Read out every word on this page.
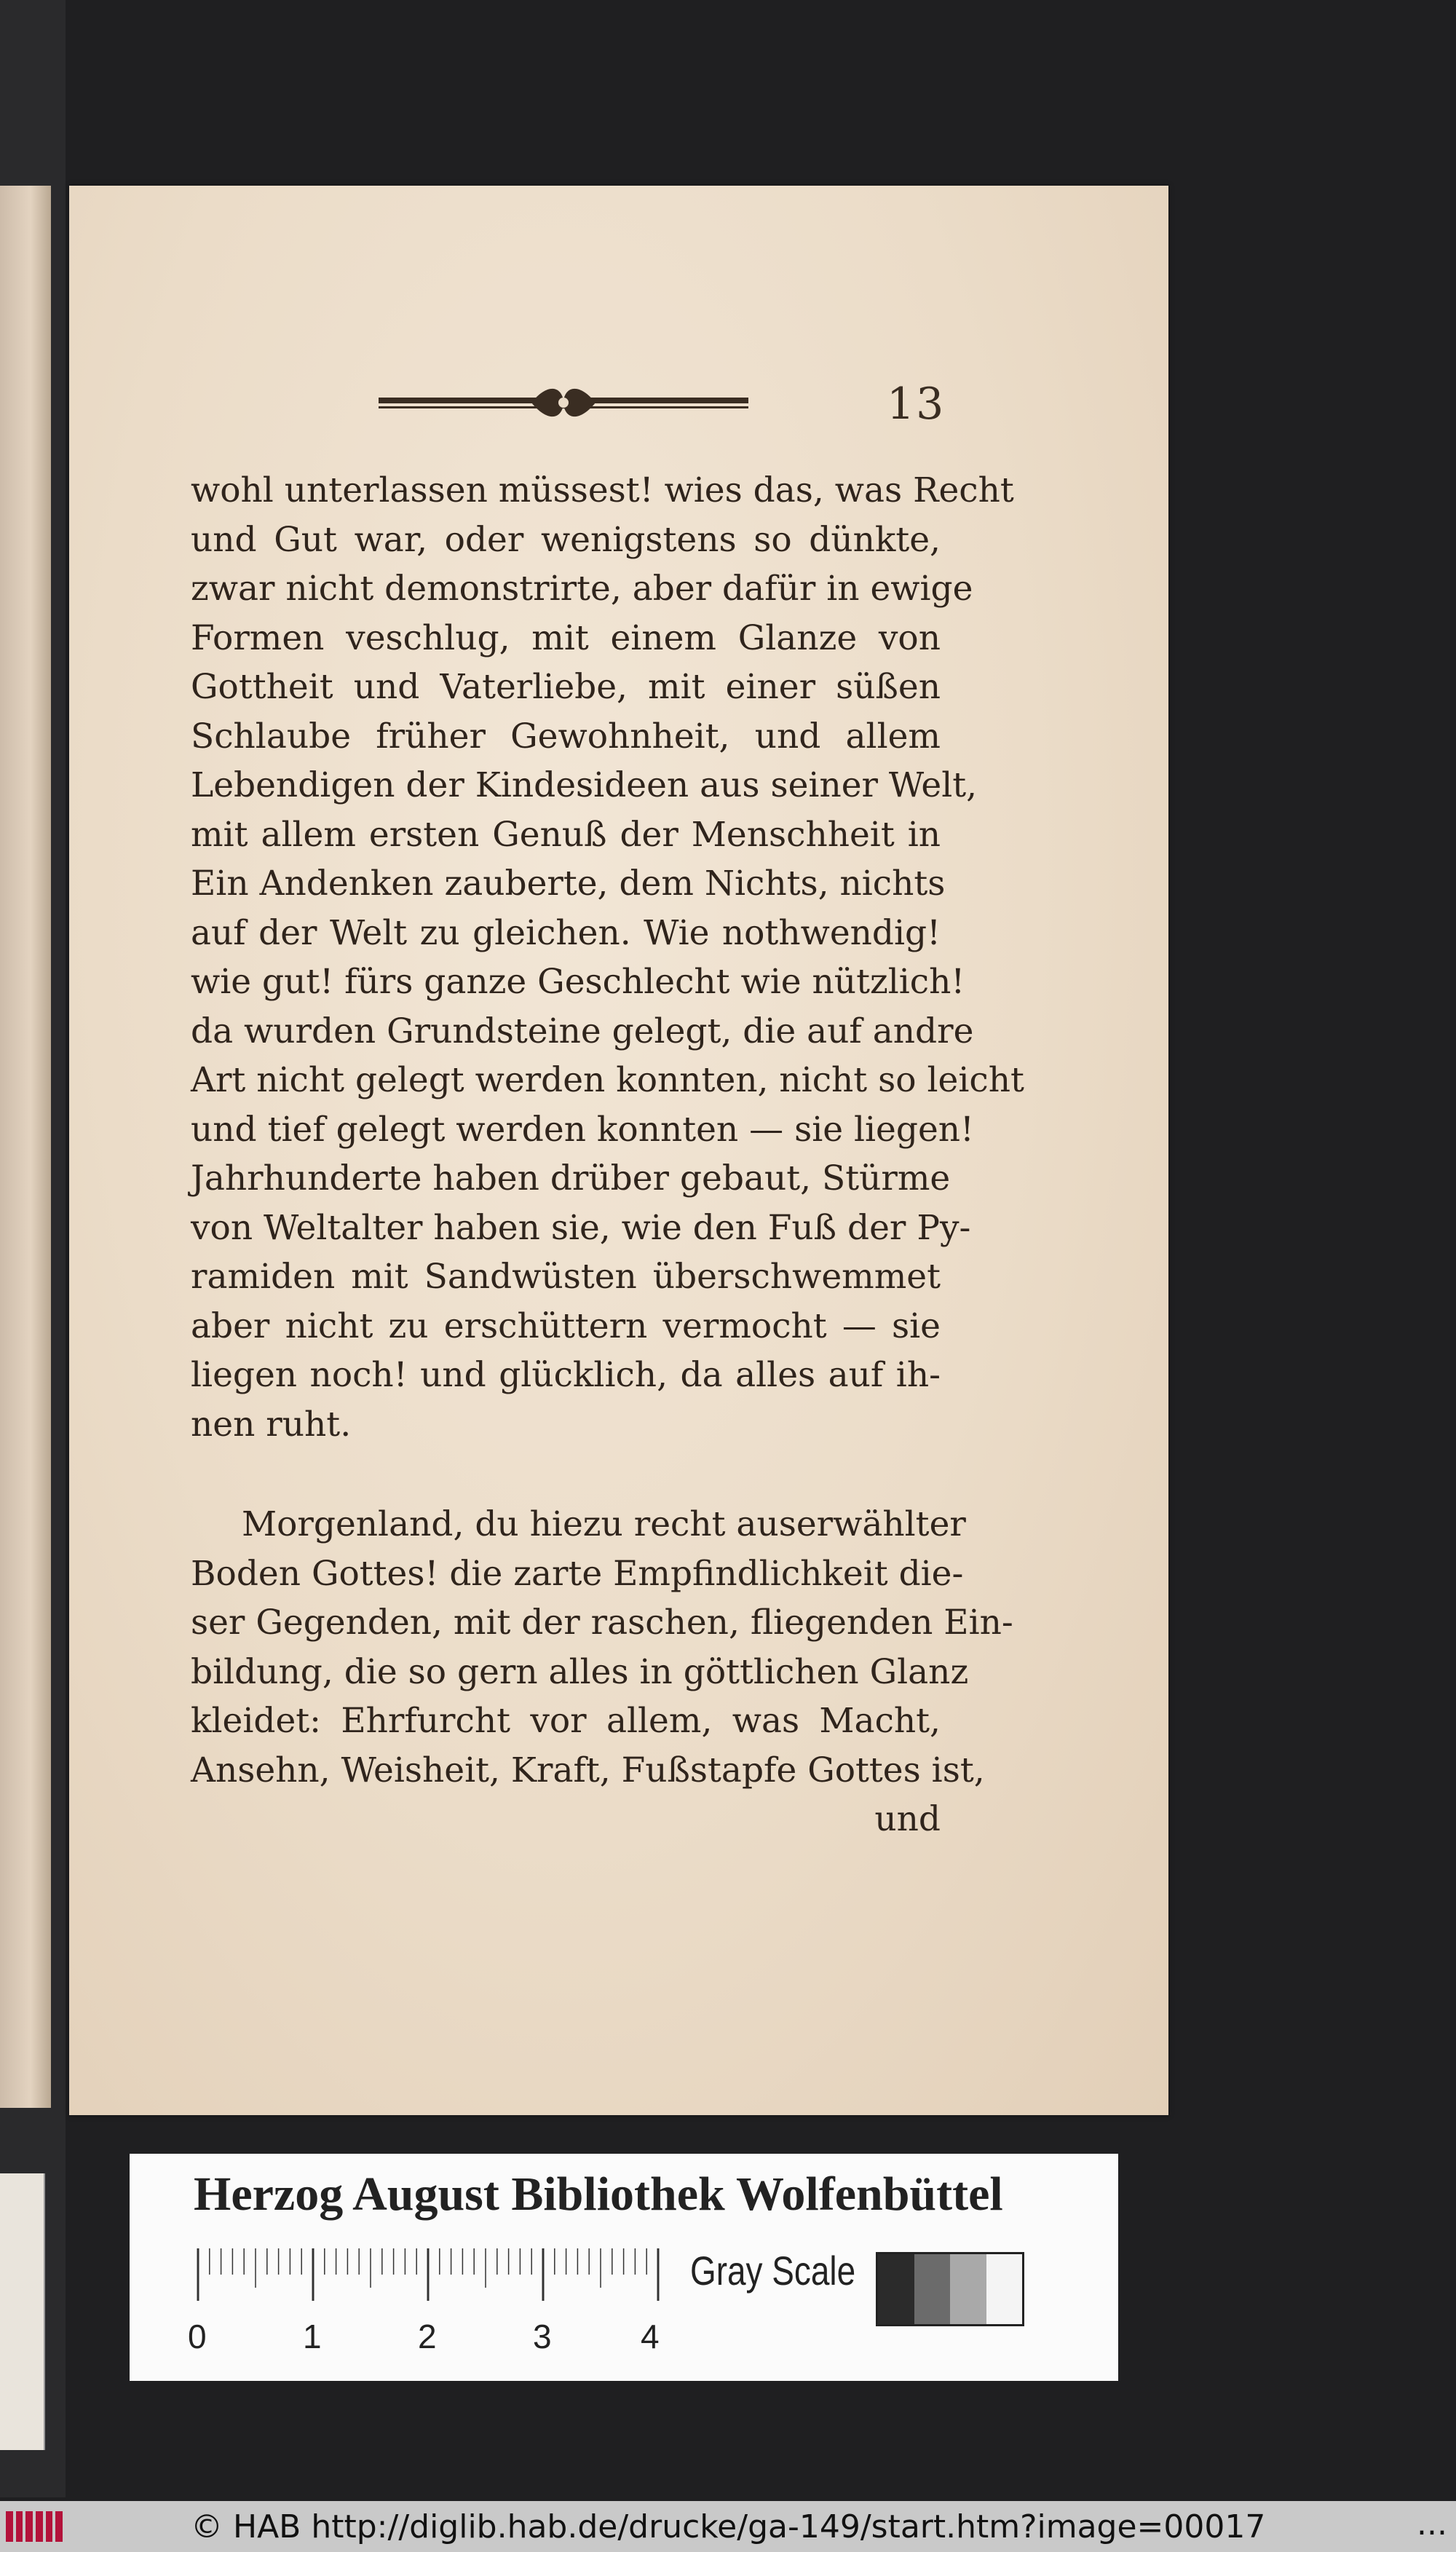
13
wohl unterlassen müssest! wies das, was Recht
und Gut war, oder wenigstens so dünkte,
zwar nicht demonstrirte, aber dafür in ewige
Formen veschlug, mit einem Glanze von
Gottheit und Vaterliebe, mit einer süßen
Schlaube früher Gewohnheit, und allem
Lebendigen der Kindesideen aus seiner Welt,
mit allem ersten Genuß der Menschheit in
Ein Andenken zauberte, dem Nichts, nichts
auf der Welt zu gleichen. Wie nothwendig!
wie gut! fürs ganze Geschlecht wie nützlich!
da wurden Grundsteine gelegt, die auf andre
Art nicht gelegt werden konnten, nicht so leicht
und tief gelegt werden konnten — sie liegen!
Jahrhunderte haben drüber gebaut, Stürme
von Weltalter haben sie, wie den Fuß der Py-
ramiden mit Sandwüsten überschwemmet
aber nicht zu erschüttern vermocht — sie
liegen noch! und glücklich, da alles auf ih-
nen ruht.
Morgenland, du hiezu recht auserwählter
Boden Gottes! die zarte Empfindlichkeit die-
ser Gegenden, mit der raschen, fliegenden Ein-
bildung, die so gern alles in göttlichen Glanz
kleidet: Ehrfurcht vor allem, was Macht,
Ansehn, Weisheit, Kraft, Fußstapfe Gottes ist,
und
Herzog August Bibliothek Wolfenbüttel
0	1	2	3	4
Gray Scale
© HAB http://diglib.hab.de/drucke/ga-149/start.htm?image=00017	...
